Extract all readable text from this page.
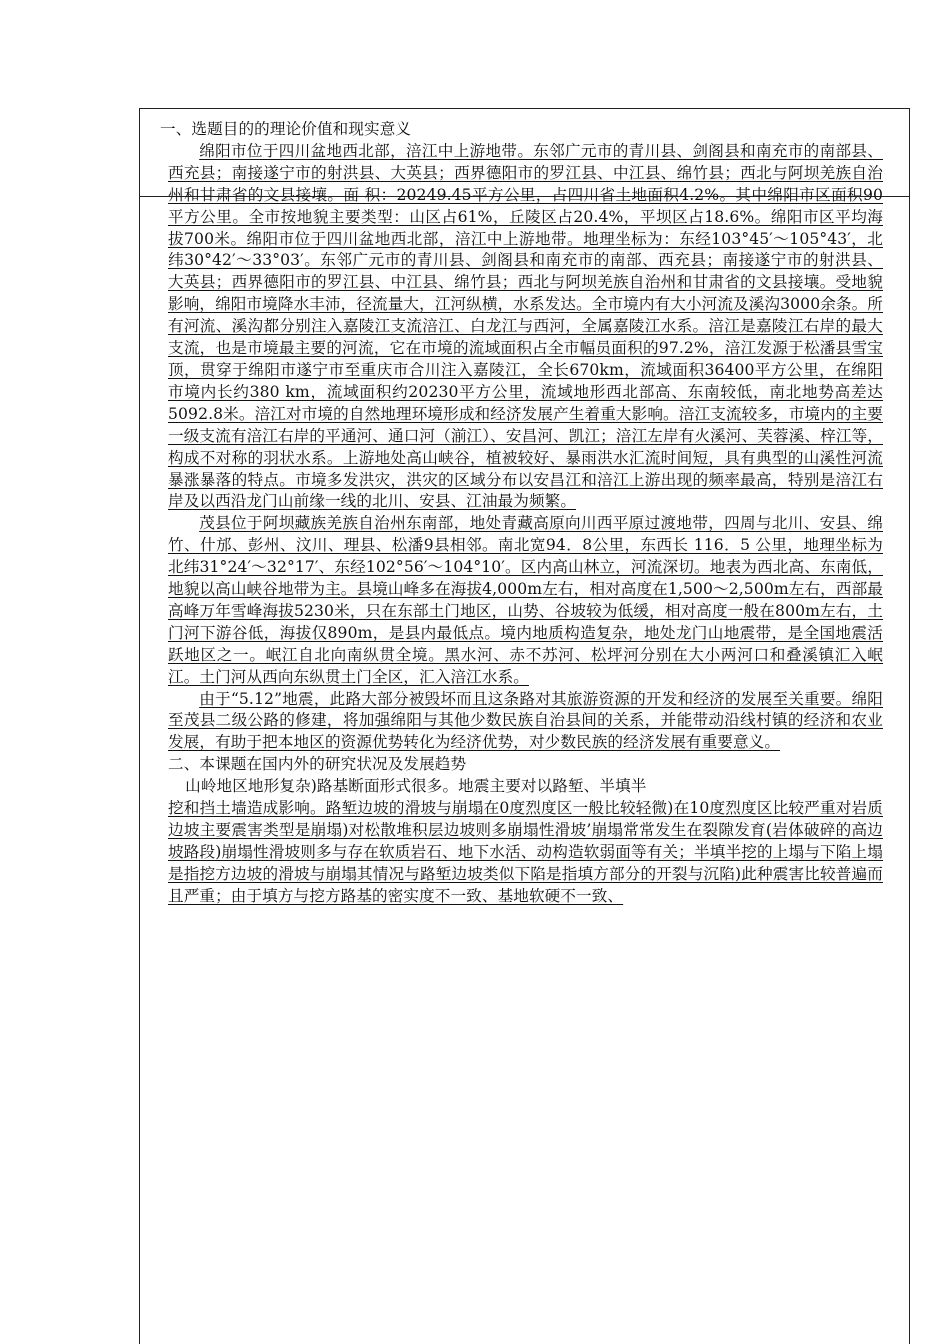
一、选题目的的理论价值和现实意义

绵阳市位于四川盆地西北部，涪江中上游地带。东邻广元市的青川县、剑阁县和南充市的南部县、西充县；南接遂宁市的射洪县、大英县；西界德阳市的罗江县、中江县、绵竹县；西北与阿坝羌族自治州和甘肃省的文县接壤。面 积：20249.45平方公里，占四川省土地面积4.2%。其中绵阳市区面积90平方公里。全市按地貌主要类型：山区占61%，丘陵区占20.4%，平坝区占18.6%。绵阳市区平均海拔700米。绵阳市位于四川盆地西北部，涪江中上游地带。地理坐标为：东经103°45′～105°43′，北纬30°42′～33°03′。东邻广元市的青川县、剑阁县和南充市的南部、西充县；南接遂宁市的射洪县、大英县；西界德阳市的罗江县、中江县、绵竹县；西北与阿坝羌族自治州和甘肃省的文县接壤。受地貌影响，绵阳市境降水丰沛，径流量大，江河纵横，水系发达。全市境内有大小河流及溪沟3000余条。所有河流、溪沟都分别注入嘉陵江支流涪江、白龙江与西河，全属嘉陵江水系。涪江是嘉陵江右岸的最大支流，也是市境最主要的河流，它在市境的流域面积占全市幅员面积的97.2%，涪江发源于松潘县雪宝顶，贯穿于绵阳市遂宁市至重庆市合川注入嘉陵江，全长670km，流域面积36400平方公里，在绵阳市境内长约380 km，流域面积约20230平方公里，流域地形西北部高、东南较低，南北地势高差达5092.8米。涪江对市境的自然地理环境形成和经济发展产生着重大影响。涪江支流较多，市境内的主要一级支流有涪江右岸的平通河、通口河（湔江）、安昌河、凯江；涪江左岸有火溪河、芙蓉溪、梓江等，构成不对称的羽状水系。上游地处高山峡谷，植被较好、暴雨洪水汇流时间短，具有典型的山溪性河流暴涨暴落的特点。市境多发洪灾，洪灾的区域分布以安昌江和涪江上游出现的频率最高，特别是涪江右岸及以西沿龙门山前缘一线的北川、安县、江油最为频繁。

茂县位于阿坝藏族羌族自治州东南部，地处青藏高原向川西平原过渡地带，四周与北川、安县、绵竹、什邡、彭州、汶川、理县、松潘9县相邻。南北宽94．8公里，东西长 116．5 公里，地理坐标为北纬31°24′～32°17′、东经102°56′～104°10′。区内高山林立，河流深切。地表为西北高、东南低，地貌以高山峡谷地带为主。县境山峰多在海拔4,000m左右，相对高度在1,500～2,500m左右，西部最高峰万年雪峰海拔5230米，只在东部土门地区，山势、谷坡较为低缓，相对高度一般在800m左右，土门河下游谷低，海拔仅890m，是县内最低点。境内地质构造复杂，地处龙门山地震带，是全国地震活跃地区之一。岷江自北向南纵贯全境。黑水河、赤不苏河、松坪河分别在大小两河口和叠溪镇汇入岷江。土门河从西向东纵贯土门全区，汇入涪江水系。

由于“5.12”地震，此路大部分被毁坏而且这条路对其旅游资源的开发和经济的发展至关重要。绵阳至茂县二级公路的修建，将加强绵阳与其他少数民族自治县间的关系，并能带动沿线村镇的经济和农业发展，有助于把本地区的资源优势转化为经济优势，对少数民族的经济发展有重要意义。

二、本课题在国内外的研究状况及发展趋势

山岭地区地形复杂)路基断面形式很多。地震主要对以路堑、半填半

挖和挡土墙造成影响。路堑边坡的滑坡与崩塌在0度烈度区一般比较轻微)在10度烈度区比较严重对岩质边坡主要震害类型是崩塌)对松散堆积层边坡则多崩塌性滑坡’崩塌常常发生在裂隙发育(岩体破碎的高边坡路段)崩塌性滑坡则多与存在软质岩石、地下水活、动构造软弱面等有关；半填半挖的上塌与下陷上塌是指挖方边坡的滑坡与崩塌其情况与路堑边坡类似下陷是指填方部分的开裂与沉陷)此种震害比较普遍而且严重；由于填方与挖方路基的密实度不一致、基地软硬不一致、
